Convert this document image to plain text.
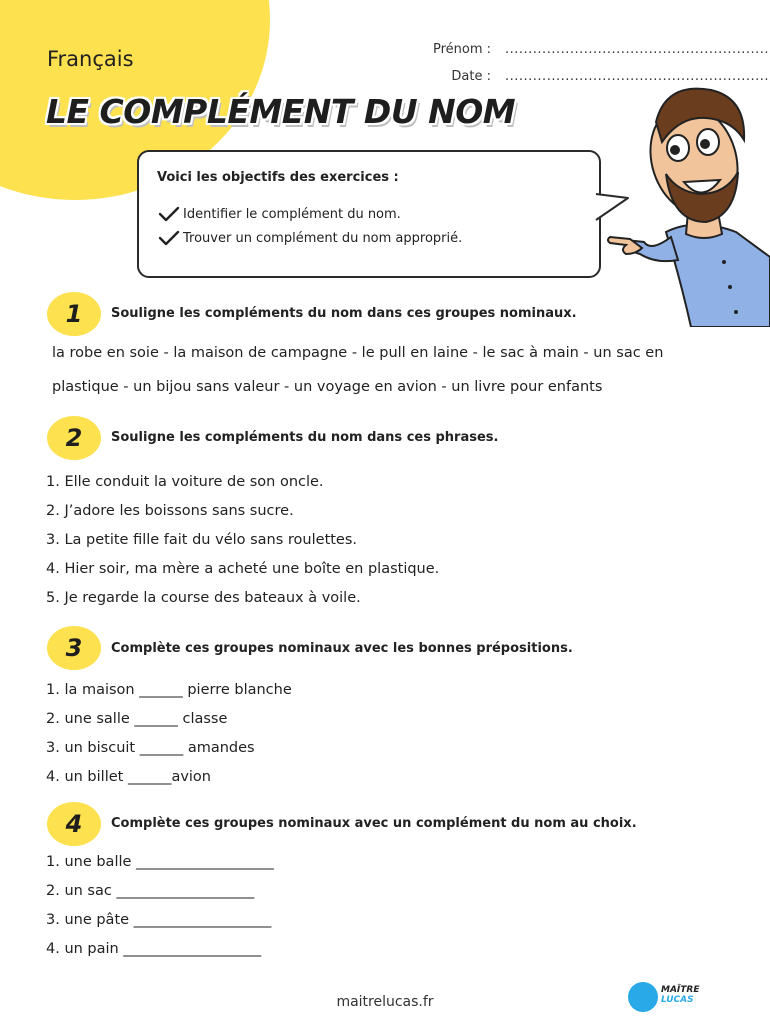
Français	Prénom : .........................................................
Date : .........................................................
LE COMPLÉMENT DU NOM
Voici les objectifs des exercices :
Identifier le complément du nom.
Trouver un complément du nom approprié.
1 Souligne les compléments du nom dans ces groupes nominaux.
la robe en soie - la maison de campagne - le pull en laine - le sac à main - un sac en
plastique - un bijou sans valeur - un voyage en avion - un livre pour enfants
2 Souligne les compléments du nom dans ces phrases.
1. Elle conduit la voiture de son oncle.
2. J’adore les boissons sans sucre.
3. La petite fille fait du vélo sans roulettes.
4. Hier soir, ma mère a acheté une boîte en plastique.
5. Je regarde la course des bateaux à voile.
3 Complète ces groupes nominaux avec les bonnes prépositions.
1. la maison ______ pierre blanche
2. une salle ______ classe
3. un biscuit ______ amandes
4. un billet ______avion
4 Complète ces groupes nominaux avec un complément du nom au choix.
1. une balle ___________________
2. un sac ___________________
3. une pâte ___________________
4. un pain ___________________
maitrelucas.fr
MAÎTRE
LUCAS
